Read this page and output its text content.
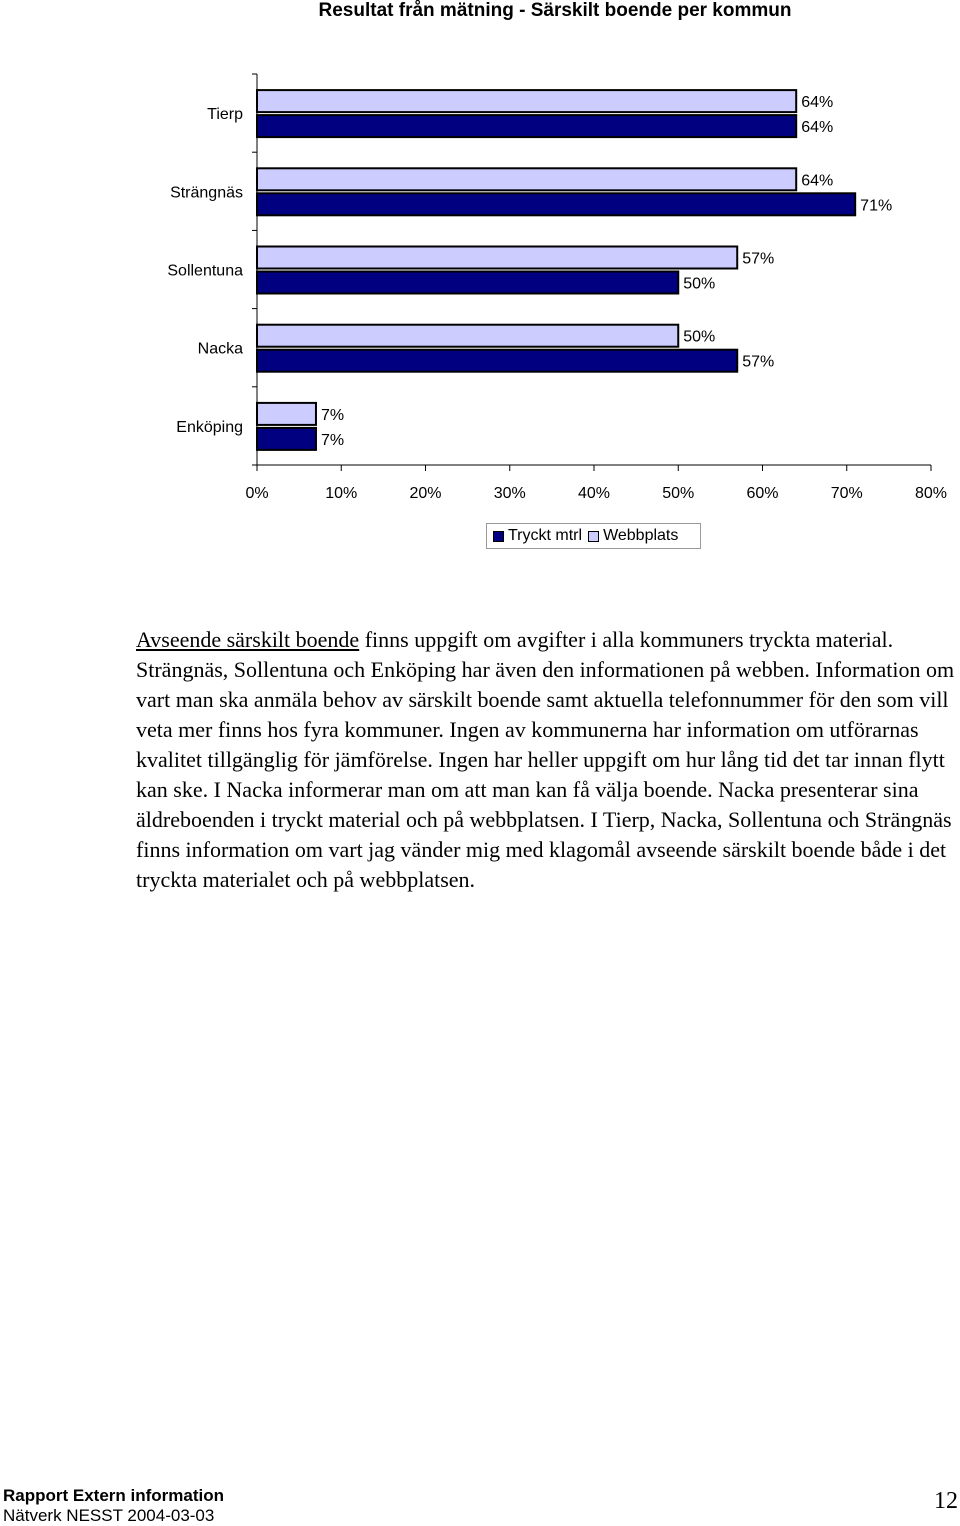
Resultat från mätning - Särskilt boende per kommun
0%	10%	20%	30%	40%	50%	60%	70%	80%
Tierp
64%
64%
Strängnäs
64%
71%
Sollentuna
57%
50%
Nacka
50%
57%
Enköping
7%
7%
Tryckt mtrl Webbplats

Avseende särskilt boende finns uppgift om avgifter i alla kommuners tryckta material. Strängnäs, Sollentuna och Enköping har även den informationen på webben. Information om vart man ska anmäla behov av särskilt boende samt aktuella telefonnummer för den som vill veta mer finns hos fyra kommuner. Ingen av kommunerna har information om utförarnas kvalitet tillgänglig för jämförelse. Ingen har heller uppgift om hur lång tid det tar innan flytt kan ske. I Nacka informerar man om att man kan få välja boende. Nacka presenterar sina äldreboenden i tryckt material och på webbplatsen. I Tierp, Nacka, Sollentuna och Strängnäs finns information om vart jag vänder mig med klagomål avseende särskilt boende både i det tryckta materialet och på webbplatsen.

Rapport Extern information
Nätverk NESST 2004-03-03
12
